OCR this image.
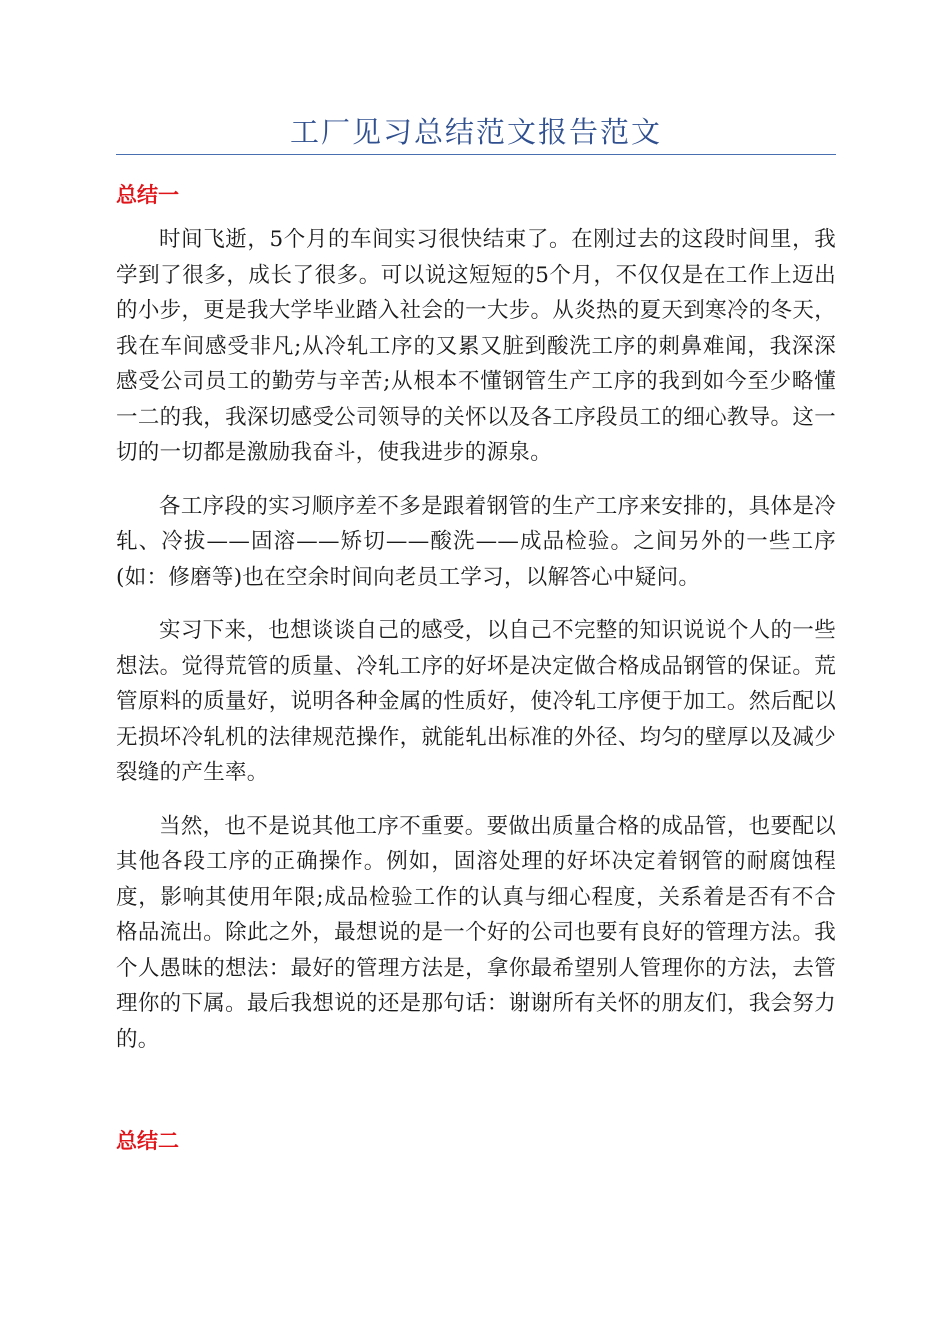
工厂见习总结范文报告范文
总结一

时间飞逝，5个月的车间实习很快结束了。在刚过去的这段时间里，我学到了很多，成长了很多。可以说这短短的5个月，不仅仅是在工作上迈出的小步，更是我大学毕业踏入社会的一大步。从炎热的夏天到寒冷的冬天，我在车间感受非凡;从冷轧工序的又累又脏到酸洗工序的刺鼻难闻，我深深感受公司员工的勤劳与辛苦;从根本不懂钢管生产工序的我到如今至少略懂一二的我，我深切感受公司领导的关怀以及各工序段员工的细心教导。这一切的一切都是激励我奋斗，使我进步的源泉。

各工序段的实习顺序差不多是跟着钢管的生产工序来安排的，具体是冷轧、冷拔——固溶——矫切——酸洗——成品检验。之间另外的一些工序(如：修磨等)也在空余时间向老员工学习，以解答心中疑问。

实习下来，也想谈谈自己的感受，以自己不完整的知识说说个人的一些想法。觉得荒管的质量、冷轧工序的好坏是决定做合格成品钢管的保证。荒管原料的质量好，说明各种金属的性质好，使冷轧工序便于加工。然后配以无损坏冷轧机的法律规范操作，就能轧出标准的外径、均匀的壁厚以及减少裂缝的产生率。

当然，也不是说其他工序不重要。要做出质量合格的成品管，也要配以其他各段工序的正确操作。例如，固溶处理的好坏决定着钢管的耐腐蚀程度，影响其使用年限;成品检验工作的认真与细心程度，关系着是否有不合格品流出。除此之外，最想说的是一个好的公司也要有良好的管理方法。我个人愚昧的想法：最好的管理方法是，拿你最希望别人管理你的方法，去管理你的下属。最后我想说的还是那句话：谢谢所有关怀的朋友们，我会努力的。

总结二
